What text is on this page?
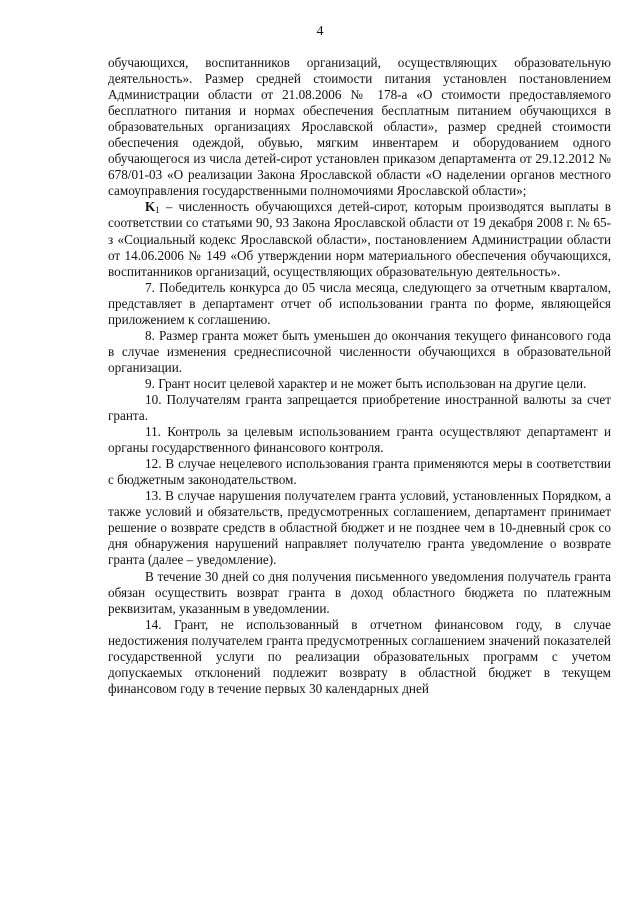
4

обучающихся, воспитанников организаций, осуществляющих образовательную деятельность». Размер средней стоимости питания установлен постановлением Администрации области от 21.08.2006 № 178-а «О стоимости предоставляемого бесплатного питания и нормах обеспечения бесплатным питанием обучающихся в образовательных организациях Ярославской области», размер средней стоимости обеспечения одеждой, обувью, мягким инвентарем и оборудованием одного обучающегося из числа детей-сирот установлен приказом департамента от 29.12.2012 № 678/01-03 «О реализации Закона Ярославской области «О наделении органов местного самоуправления государственными полномочиями Ярославской области»;

$K_1$ – численность обучающихся детей-сирот, которым производятся выплаты в соответствии со статьями 90, 93 Закона Ярославской области от 19 декабря 2008 г. № 65-з «Социальный кодекс Ярославской области», постановлением Администрации области от 14.06.2006 № 149 «Об утверждении норм материального обеспечения обучающихся, воспитанников организаций, осуществляющих образовательную деятельность».

7. Победитель конкурса до 05 числа месяца, следующего за отчетным кварталом, представляет в департамент отчет об использовании гранта по форме, являющейся приложением к соглашению.

8. Размер гранта может быть уменьшен до окончания текущего финансового года в случае изменения среднесписочной численности обучающихся в образовательной организации.

9. Грант носит целевой характер и не может быть использован на другие цели.

10. Получателям гранта запрещается приобретение иностранной валюты за счет гранта.

11. Контроль за целевым использованием гранта осуществляют департамент и органы государственного финансового контроля.

12. В случае нецелевого использования гранта применяются меры в соответствии с бюджетным законодательством.

13. В случае нарушения получателем гранта условий, установленных Порядком, а также условий и обязательств, предусмотренных соглашением, департамент принимает решение о возврате средств в областной бюджет и не позднее чем в 10-дневный срок со дня обнаружения нарушений направляет получателю гранта уведомление о возврате гранта (далее – уведомление).

В течение 30 дней со дня получения письменного уведомления получатель гранта обязан осуществить возврат гранта в доход областного бюджета по платежным реквизитам, указанным в уведомлении.

14. Грант, не использованный в отчетном финансовом году, в случае недостижения получателем гранта предусмотренных соглашением значений показателей государственной услуги по реализации образовательных программ с учетом допускаемых отклонений подлежит возврату в областной бюджет в текущем финансовом году в течение первых 30 календарных дней
